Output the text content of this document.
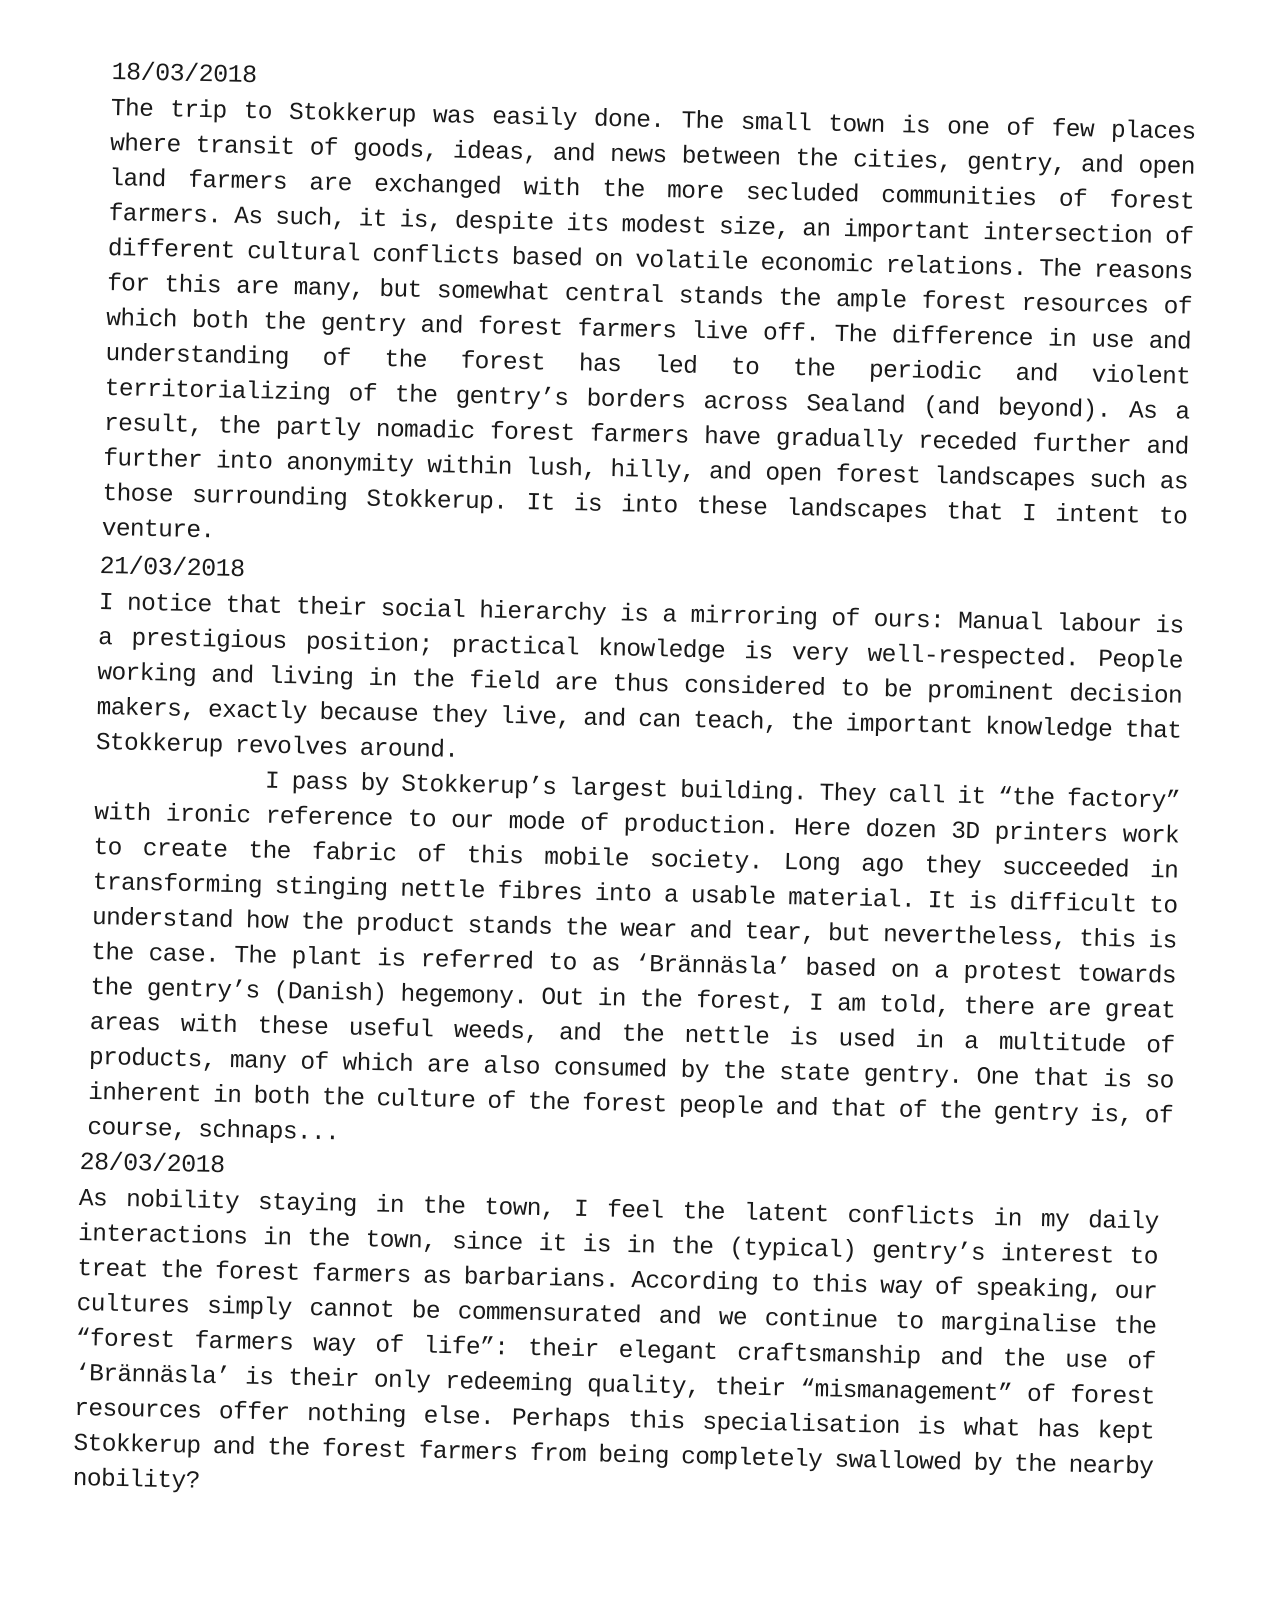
18/03/2018

The trip to Stokkerup was easily done. The small town is one of few places where transit of goods, ideas, and news between the cities, gentry, and open land farmers are exchanged with the more secluded communities of forest farmers. As such, it is, despite its modest size, an important intersection of different cultural conflicts based on volatile economic relations. The reasons for this are many, but somewhat central stands the ample forest resources of which both the gentry and forest farmers live off. The difference in use and understanding of the forest has led to the periodic and violent territorializing of the gentry’s borders across Sealand (and beyond). As a result, the partly nomadic forest farmers have gradually receded further and further into anonymity within lush, hilly, and open forest landscapes such as those surrounding Stokkerup. It is into these landscapes that I intent to venture.

21/03/2018

I notice that their social hierarchy is a mirroring of ours: Manual labour is a prestigious position; practical knowledge is very well-respected. People working and living in the field are thus considered to be prominent decision makers, exactly because they live, and can teach, the important knowledge that Stokkerup revolves around.

I pass by Stokkerup’s largest building. They call it “the factory” with ironic reference to our mode of production. Here dozen 3D printers work to create the fabric of this mobile society. Long ago they succeeded in transforming stinging nettle fibres into a usable material. It is difficult to understand how the product stands the wear and tear, but nevertheless, this is the case. The plant is referred to as ‘Brännäsla’ based on a protest towards the gentry’s (Danish) hegemony. Out in the forest, I am told, there are great areas with these useful weeds, and the nettle is used in a multitude of products, many of which are also consumed by the state gentry. One that is so inherent in both the culture of the forest people and that of the gentry is, of course, schnaps...

28/03/2018

As nobility staying in the town, I feel the latent conflicts in my daily interactions in the town, since it is in the (typical) gentry’s interest to treat the forest farmers as barbarians. According to this way of speaking, our cultures simply cannot be commensurated and we continue to marginalise the “forest farmers way of life”: their elegant craftsmanship and the use of ‘Brännäsla’ is their only redeeming quality, their “mismanagement” of forest resources offer nothing else. Perhaps this specialisation is what has kept Stokkerup and the forest farmers from being completely swallowed by the nearby nobility?
